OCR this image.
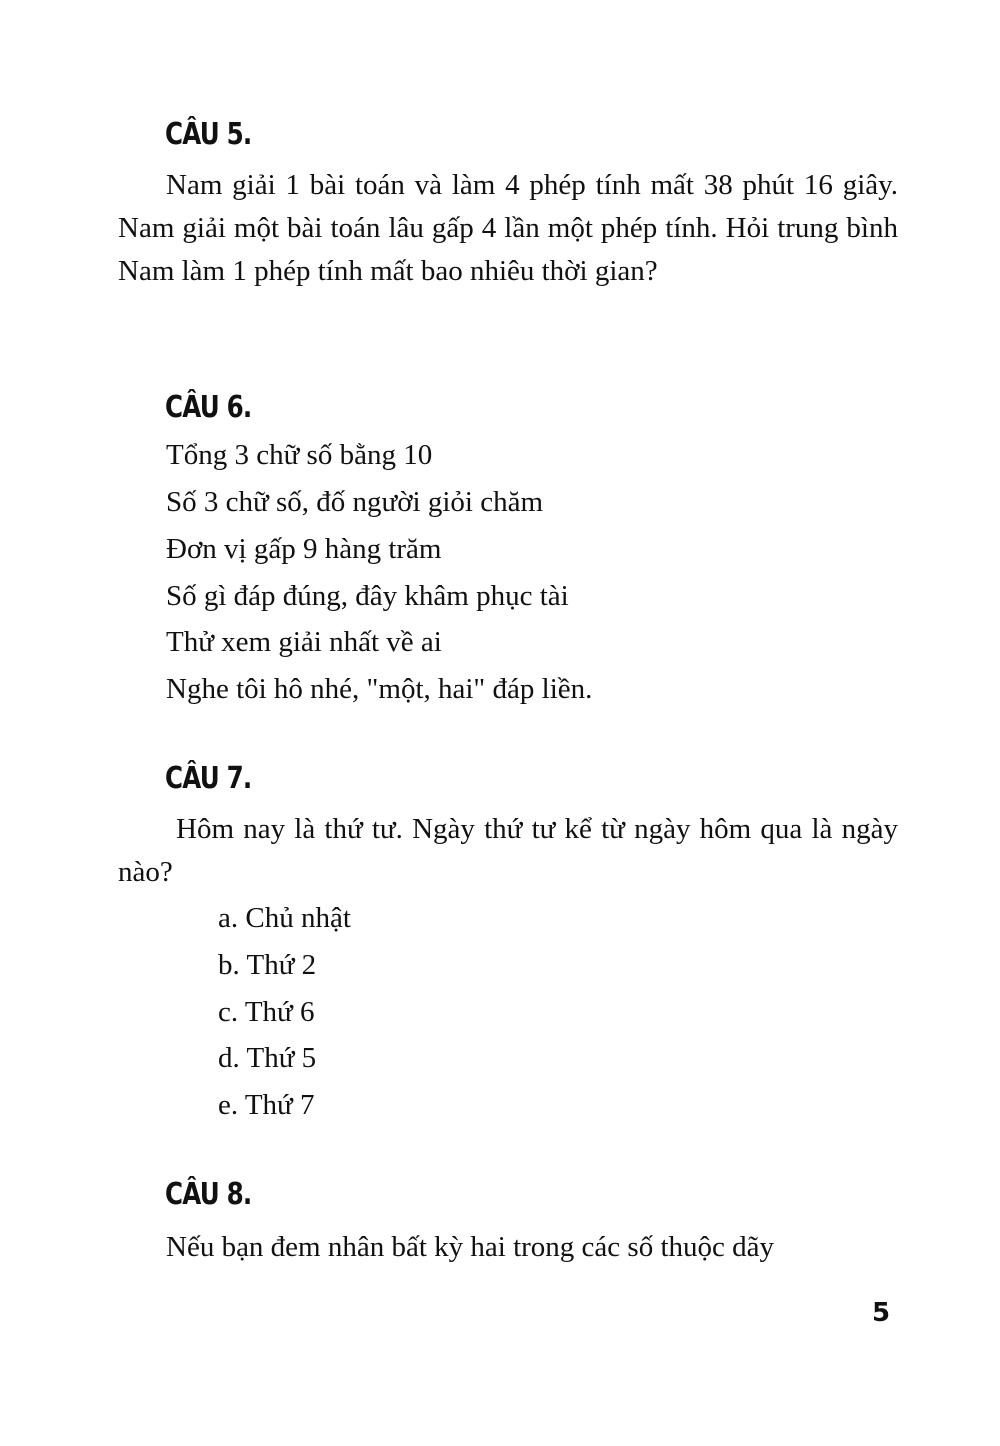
CÂU 5.

Nam giải 1 bài toán và làm 4 phép tính mất 38 phút 16 giây. Nam giải một bài toán lâu gấp 4 lần một phép tính. Hỏi trung bình Nam làm 1 phép tính mất bao nhiêu thời gian?

CÂU 6.

Tổng 3 chữ số bằng 10

Số 3 chữ số, đố người giỏi chăm

Đơn vị gấp 9 hàng trăm

Số gì đáp đúng, đây khâm phục tài

Thử xem giải nhất về ai

Nghe tôi hô nhé, "một, hai" đáp liền.

CÂU 7.

Hôm nay là thứ tư. Ngày thứ tư kể từ ngày hôm qua là ngày nào?

a. Chủ nhật

b. Thứ 2

c. Thứ 6

d. Thứ 5

e. Thứ 7

CÂU 8.

Nếu bạn đem nhân bất kỳ hai trong các số thuộc dãy

5
